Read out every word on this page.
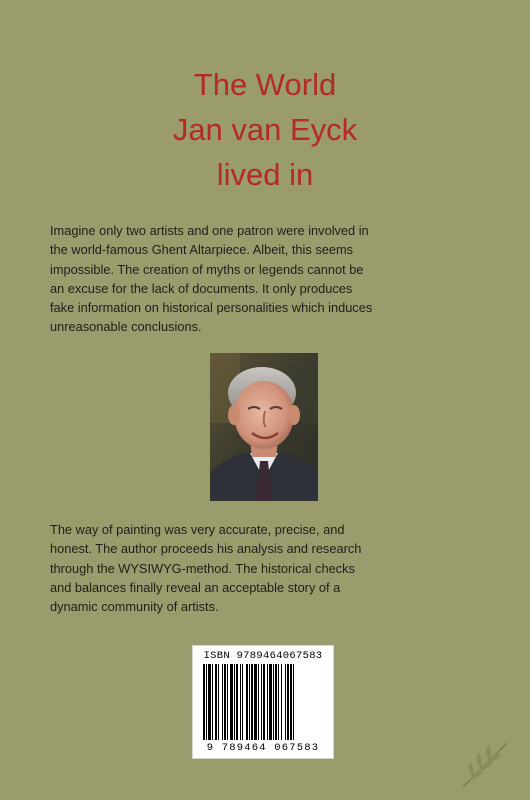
The World
Jan van Eyck
lived in
Imagine only two artists and one patron were involved in
the world-famous Ghent Altarpiece. Albeit, this seems
impossible. The creation of myths or legends cannot be
an excuse for the lack of documents. It only produces
fake information on historical personalities which induces
unreasonable conclusions.
The way of painting was very accurate, precise, and
honest. The author proceeds his analysis and research
through the WYSIWYG-method. The historical checks
and balances finally reveal an acceptable story of a
dynamic community of artists.
ISBN 9789464067583
9 789464 067583
